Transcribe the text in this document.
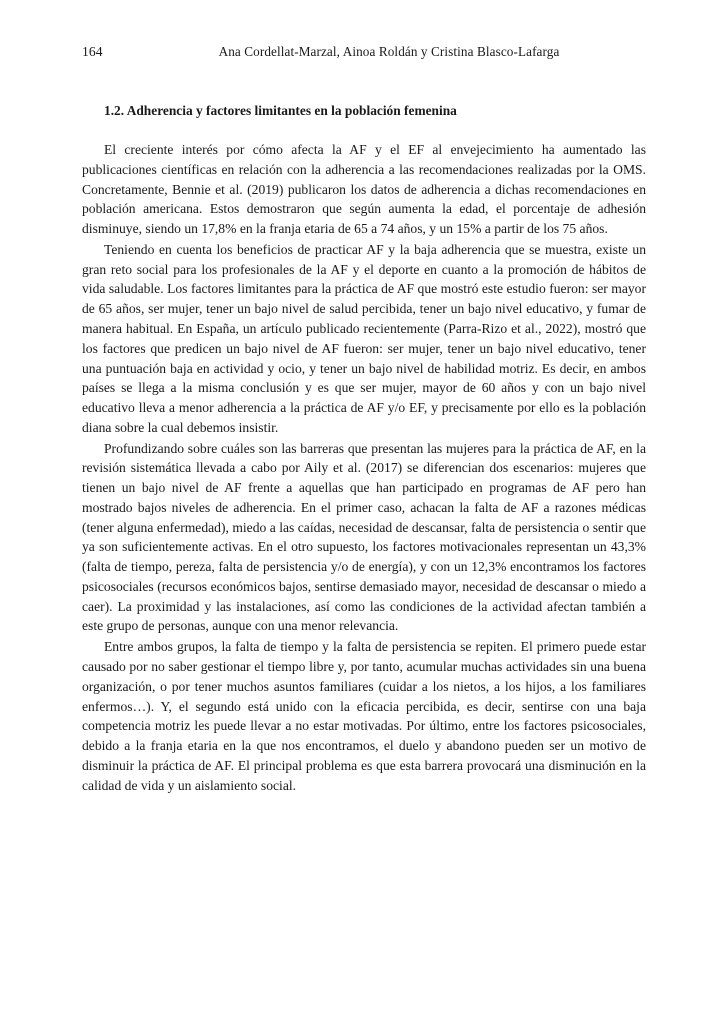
164	Ana Cordellat-Marzal, Ainoa Roldán y Cristina Blasco-Lafarga
1.2. Adherencia y factores limitantes en la población femenina

El creciente interés por cómo afecta la AF y el EF al envejecimiento ha aumentado las publicaciones científicas en relación con la adherencia a las recomendaciones realizadas por la OMS. Concretamente, Bennie et al. (2019) publicaron los datos de adherencia a dichas recomendaciones en población americana. Estos demostraron que según aumenta la edad, el porcentaje de adhesión disminuye, siendo un 17,8% en la franja etaria de 65 a 74 años, y un 15% a partir de los 75 años.

Teniendo en cuenta los beneficios de practicar AF y la baja adherencia que se muestra, existe un gran reto social para los profesionales de la AF y el deporte en cuanto a la promoción de hábitos de vida saludable. Los factores limitantes para la práctica de AF que mostró este estudio fueron: ser mayor de 65 años, ser mujer, tener un bajo nivel de salud percibida, tener un bajo nivel educativo, y fumar de manera habitual. En España, un artículo publicado recientemente (Parra-Rizo et al., 2022), mostró que los factores que predicen un bajo nivel de AF fueron: ser mujer, tener un bajo nivel educativo, tener una puntuación baja en actividad y ocio, y tener un bajo nivel de habilidad motriz. Es decir, en ambos países se llega a la misma conclusión y es que ser mujer, mayor de 60 años y con un bajo nivel educativo lleva a menor adherencia a la práctica de AF y/o EF, y precisamente por ello es la población diana sobre la cual debemos insistir.

Profundizando sobre cuáles son las barreras que presentan las mujeres para la práctica de AF, en la revisión sistemática llevada a cabo por Aily et al. (2017) se diferencian dos escenarios: mujeres que tienen un bajo nivel de AF frente a aquellas que han participado en programas de AF pero han mostrado bajos niveles de adherencia. En el primer caso, achacan la falta de AF a razones médicas (tener alguna enfermedad), miedo a las caídas, necesidad de descansar, falta de persistencia o sentir que ya son suficientemente activas. En el otro supuesto, los factores motivacionales representan un 43,3% (falta de tiempo, pereza, falta de persistencia y/o de energía), y con un 12,3% encontramos los factores psicosociales (recursos económicos bajos, sentirse demasiado mayor, necesidad de descansar o miedo a caer). La proximidad y las instalaciones, así como las condiciones de la actividad afectan también a este grupo de personas, aunque con una menor relevancia.

Entre ambos grupos, la falta de tiempo y la falta de persistencia se repiten. El primero puede estar causado por no saber gestionar el tiempo libre y, por tanto, acumular muchas actividades sin una buena organización, o por tener muchos asuntos familiares (cuidar a los nietos, a los hijos, a los familiares enfermos…). Y, el segundo está unido con la eficacia percibida, es decir, sentirse con una baja competencia motriz les puede llevar a no estar motivadas. Por último, entre los factores psicosociales, debido a la franja etaria en la que nos encontramos, el duelo y abandono pueden ser un motivo de disminuir la práctica de AF. El principal problema es que esta barrera provocará una disminución en la calidad de vida y un aislamiento social.
